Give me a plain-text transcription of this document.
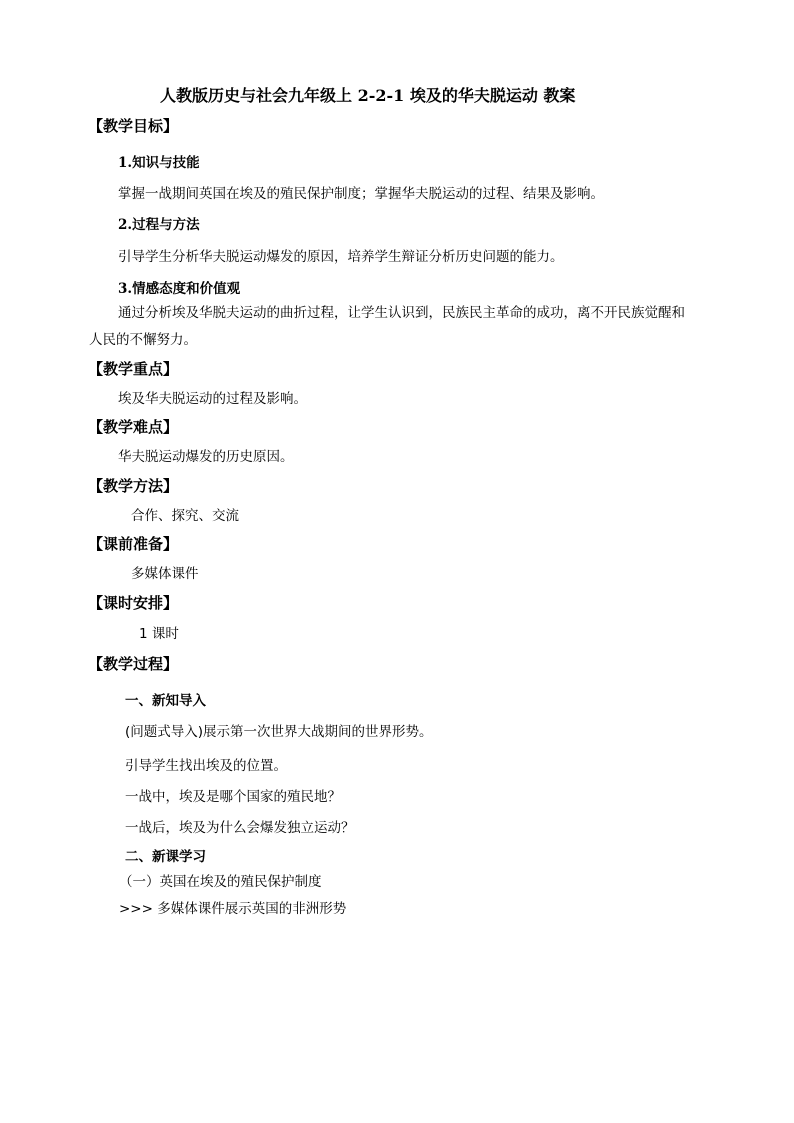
人教版历史与社会九年级上 2-2-1 埃及的华夫脱运动 教案
【教学目标】
1.知识与技能
掌握一战期间英国在埃及的殖民保护制度；掌握华夫脱运动的过程、结果及影响。
2.过程与方法
引导学生分析华夫脱运动爆发的原因，培养学生辩证分析历史问题的能力。
3.情感态度和价值观
通过分析埃及华脱夫运动的曲折过程，让学生认识到，民族民主革命的成功，离不开民族觉醒和
人民的不懈努力。
【教学重点】
埃及华夫脱运动的过程及影响。
【教学难点】
华夫脱运动爆发的历史原因。
【教学方法】
合作、探究、交流
【课前准备】
多媒体课件
【课时安排】
1 课时
【教学过程】
一、新知导入
(问题式导入)展示第一次世界大战期间的世界形势。
引导学生找出埃及的位置。
一战中，埃及是哪个国家的殖民地？
一战后，埃及为什么会爆发独立运动？
二、新课学习
（一）英国在埃及的殖民保护制度
>>> 多媒体课件展示英国的非洲形势
